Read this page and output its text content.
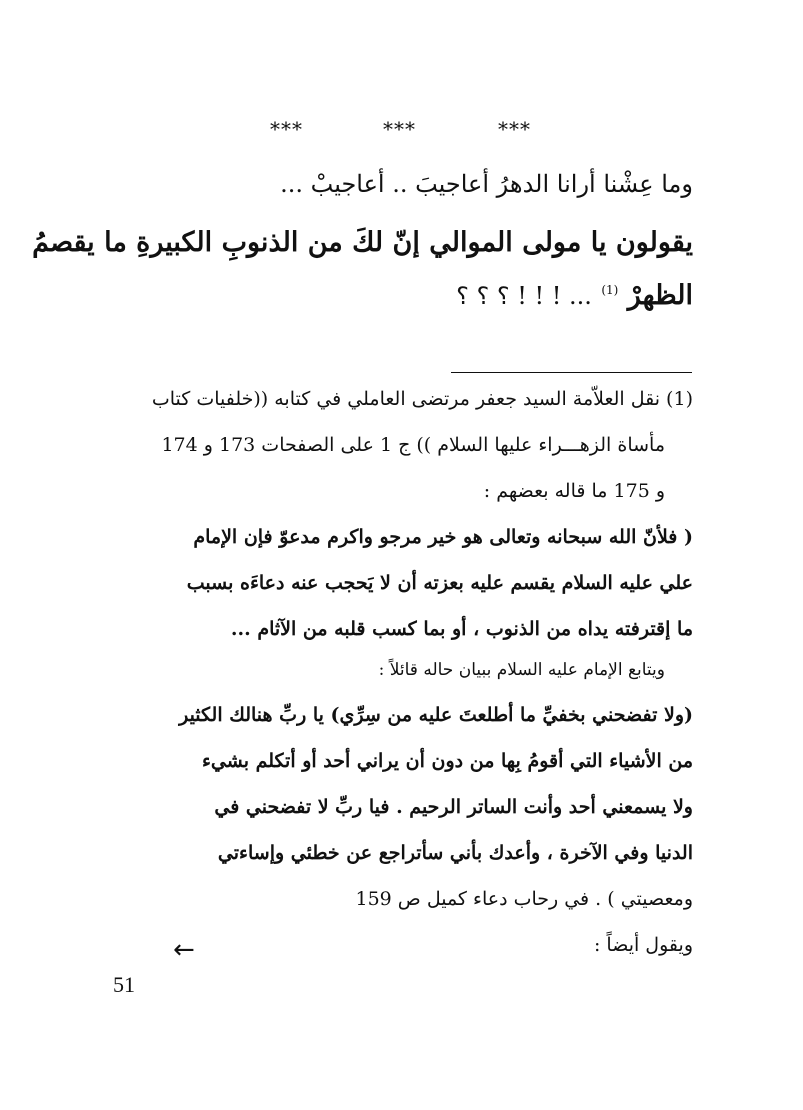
***	***	***
وما عِشْنا أرانا الدهرُ أعاجيبَ .. أعاجيبْ ...
يقولون يا مولى الموالي إنّ لكَ من الذنوبِ الكبيرةِ ما يقصمُ
الظهرْ $^{(1)}$ ... ! ! ! ؟ ؟ ؟
(1) نقل العلاّمة السيد جعفر مرتضى العاملي في كتابه ((خلفيات كتاب
مأساة الزهـــراء عليها السلام )) ج 1 على الصفحات 173 و 174
و 175 ما قاله بعضهم :
( فلأنّ الله سبحانه وتعالى هو خير مرجو واكرم مدعوّ فإن الإمام
علي عليه السلام يقسم عليه بعزته أن لا يَحجب عنه دعاءَه بسبب
ما إقترفته يداه من الذنوب ، أو بما كسب قلبه من الآثام ...
ويتابع الإمام عليه السلام ببيان حاله قائلاً :
(ولا تفضحني بخفيِّ ما أطلعتَ عليه من سِرِّي) يا ربِّ هنالك الكثير
من الأشياء التي أقومُ بِها من دون أن يراني أحد أو أتكلم بشيء
ولا يسمعني أحد وأنت الساتر الرحيم . فيا ربِّ لا تفضحني في
الدنيا وفي الآخرة ، وأعدك بأني سأتراجع عن خطئي وإساءتي
ومعصيتي ) . في رحاب دعاء كميل ص 159
ويقول أيضاً :
←
51
